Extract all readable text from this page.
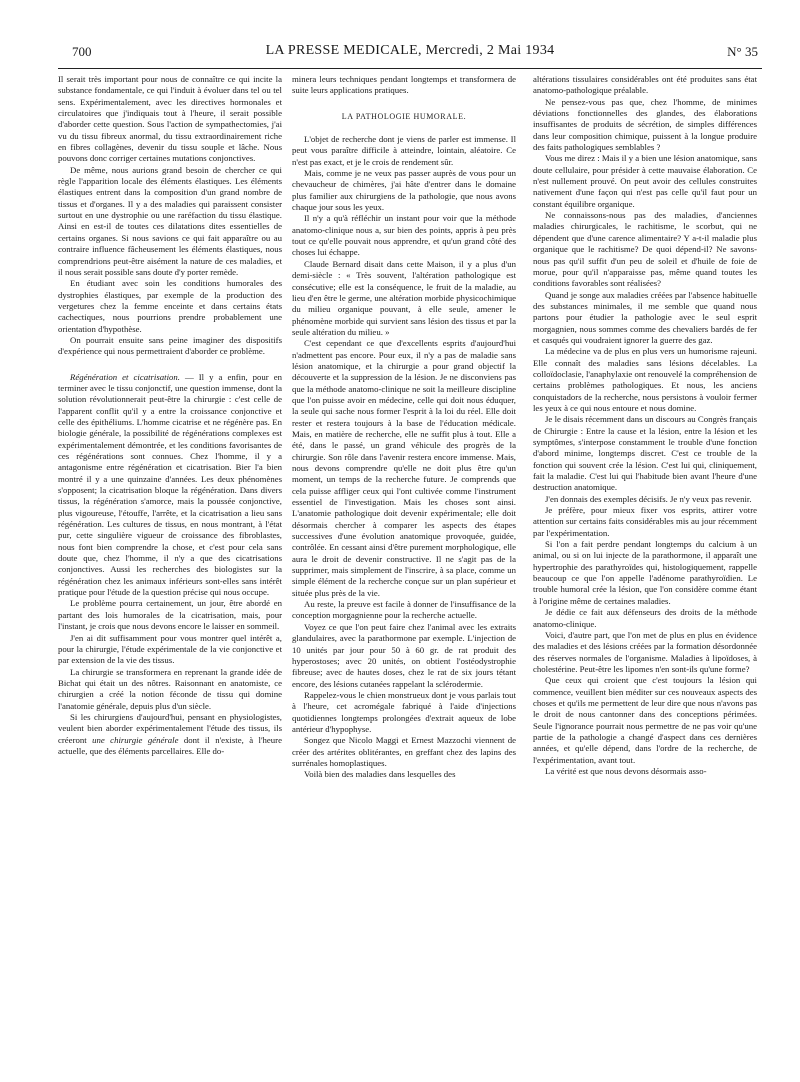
700	LA PRESSE MEDICALE, Mercredi, 2 Mai 1934	N° 35

Il serait très important pour nous de connaître ce qui incite la substance fondamentale, ce qui l'induit à évoluer dans tel ou tel sens. Expérimentalement, avec les directives hormonales et circulatoires que j'indiquais tout à l'heure, il serait possible d'aborder cette question. Sous l'action de sympathectomies, j'ai vu du tissu fibreux anormal, du tissu extraordinairement riche en fibres collagènes, devenir du tissu souple et lâche. Nous pouvons donc corriger certaines mutations conjonctives.

De même, nous aurions grand besoin de chercher ce qui règle l'apparition locale des éléments élastiques. Les éléments élastiques entrent dans la composition d'un grand nombre de tissus et d'organes. Il y a des maladies qui paraissent consister surtout en une dystrophie ou une raréfaction du tissu élastique. Ainsi en est-il de toutes ces dilatations dites essentielles de certains organes. Si nous savions ce qui fait apparaître ou au contraire influence fâcheusement les éléments élastiques, nous comprendrions peut-être aisément la nature de ces maladies, et il nous serait possible sans doute d'y porter remède.

En étudiant avec soin les conditions humorales des dystrophies élastiques, par exemple de la production des vergetures chez la femme enceinte et dans certains états cachectiques, nous pourrions prendre probablement une orientation d'hypothèse.

On pourrait ensuite sans peine imaginer des dispositifs d'expérience qui nous permettraient d'aborder ce problème.

Régénération et cicatrisation. — Il y a enfin, pour en terminer avec le tissu conjonctif, une question immense, dont la solution révolutionnerait peut-être la chirurgie : c'est celle de l'apparent conflit qu'il y a entre la croissance conjonctive et celle des épithéliums. L'homme cicatrise et ne régénère pas. En biologie générale, la possibilité de régénérations complexes est expérimentalement démontrée, et les conditions favorisantes de ces régénérations sont connues. Chez l'homme, il y a antagonisme entre régénération et cicatrisation. Bier l'a bien montré il y a une quinzaine d'années. Les deux phénomènes s'opposent; la cicatrisation bloque la régénération. Dans divers tissus, la régénération s'amorce, mais la poussée conjonctive, plus vigoureuse, l'étouffe, l'arrête, et la cicatrisation a lieu sans régénération. Les cultures de tissus, en nous montrant, à l'état pur, cette singulière vigueur de croissance des fibroblastes, nous font bien comprendre la chose, et c'est pour cela sans doute que, chez l'homme, il n'y a que des cicatrisations conjonctives. Aussi les recherches des biologistes sur la régénération chez les animaux inférieurs sont-elles sans intérêt pratique pour l'étude de la question précise qui nous occupe.

Le problème pourra certainement, un jour, être abordé en partant des lois humorales de la cicatrisation, mais, pour l'instant, je crois que nous devons encore le laisser en sommeil.

J'en ai dit suffisamment pour vous montrer quel intérêt a, pour la chirurgie, l'étude expérimentale de la vie conjonctive et par extension de la vie des tissus.

La chirurgie se transformera en reprenant la grande idée de Bichat qui était un des nôtres. Raisonnant en anatomiste, ce chirurgien a créé la notion féconde de tissu qui domine l'anatomie générale, depuis plus d'un siècle.

Si les chirurgiens d'aujourd'hui, pensant en physiologistes, veulent bien aborder expérimentalement l'étude des tissus, ils créeront une chirurgie générale dont il n'existe, à l'heure actuelle, que des éléments parcellaires. Elle do-

minera leurs techniques pendant longtemps et transformera de suite leurs applications pratiques.

LA PATHOLOGIE HUMORALE.

L'objet de recherche dont je viens de parler est immense. Il peut vous paraître difficile à atteindre, lointain, aléatoire. Ce n'est pas exact, et je le crois de rendement sûr.

Mais, comme je ne veux pas passer auprès de vous pour un chevaucheur de chimères, j'ai hâte d'entrer dans le domaine plus familier aux chirurgiens de la pathologie, que nous avons chaque jour sous les yeux.

Il n'y a qu'à réfléchir un instant pour voir que la méthode anatomo-clinique nous a, sur bien des points, appris à peu près tout ce qu'elle pouvait nous apprendre, et qu'un grand côté des choses lui échappe.

Claude Bernard disait dans cette Maison, il y a plus d'un demi-siècle : « Très souvent, l'altération pathologique est consécutive; elle est la conséquence, le fruit de la maladie, au lieu d'en être le germe, une altération morbide physicochimique du milieu organique pouvant, à elle seule, amener le phénomène morbide qui survient sans lésion des tissus et par la seule altération du milieu. »

C'est cependant ce que d'excellents esprits d'aujourd'hui n'admettent pas encore. Pour eux, il n'y a pas de maladie sans lésion anatomique, et la chirurgie a pour grand objectif la découverte et la suppression de la lésion. Je ne disconviens pas que la méthode anatomo-clinique ne soit la meilleure discipline que l'on puisse avoir en médecine, celle qui doit nous éduquer, la seule qui sache nous former l'esprit à la loi du réel. Elle doit rester et restera toujours à la base de l'éducation médicale. Mais, en matière de recherche, elle ne suffit plus à tout. Elle a été, dans le passé, un grand véhicule des progrès de la chirurgie. Son rôle dans l'avenir restera encore immense. Mais, nous devons comprendre qu'elle ne doit plus être qu'un moment, un temps de la recherche future. Je comprends que cela puisse affliger ceux qui l'ont cultivée comme l'instrument essentiel de l'investigation. Mais les choses sont ainsi. L'anatomie pathologique doit devenir expérimentale; elle doit désormais chercher à comparer les aspects des étapes successives d'une évolution anatomique provoquée, guidée, contrôlée. En cessant ainsi d'être purement morphologique, elle aura le droit de devenir constructive. Il ne s'agit pas de la supprimer, mais simplement de l'inscrire, à sa place, comme un simple élément de la recherche conçue sur un plan supérieur et située plus près de la vie.

Au reste, la preuve est facile à donner de l'insuffisance de la conception morgagnienne pour la recherche actuelle.

Voyez ce que l'on peut faire chez l'animal avec les extraits glandulaires, avec la parathormone par exemple. L'injection de 10 unités par jour pour 50 à 60 gr. de rat produit des hyperostoses; avec 20 unités, on obtient l'ostéodystrophie fibreuse; avec de hautes doses, chez le rat de six jours tétant encore, des lésions cutanées rappelant la sclérodermie.

Rappelez-vous le chien monstrueux dont je vous parlais tout à l'heure, cet acromégale fabriqué à l'aide d'injections quotidiennes longtemps prolongées d'extrait aqueux de lobe antérieur d'hypophyse.

Songez que Nicolo Maggi et Ernest Mazzochi viennent de créer des artérites oblitérantes, en greffant chez des lapins des surrénales homoplastiques.

Voilà bien des maladies dans lesquelles des

altérations tissulaires considérables ont été produites sans état anatomo-pathologique préalable.

Ne pensez-vous pas que, chez l'homme, de minimes déviations fonctionnelles des glandes, des élaborations insuffisantes de produits de sécrétion, de simples différences dans leur composition chimique, puissent à la longue produire des faits pathologiques semblables ?

Vous me direz : Mais il y a bien une lésion anatomique, sans doute cellulaire, pour présider à cette mauvaise élaboration. Ce n'est nullement prouvé. On peut avoir des cellules construites nativement d'une façon qui n'est pas celle qu'il faut pour un constant équilibre organique.

Ne connaissons-nous pas des maladies, d'anciennes maladies chirurgicales, le rachitisme, le scorbut, qui ne dépendent que d'une carence alimentaire? Y a-t-il maladie plus organique que le rachitisme? De quoi dépend-il? Ne savons-nous pas qu'il suffit d'un peu de soleil et d'huile de foie de morue, pour qu'il n'apparaisse pas, même quand toutes les conditions favorables sont réalisées?

Quand je songe aux maladies créées par l'absence habituelle des substances minimales, il me semble que quand nous partons pour étudier la pathologie avec le seul esprit morgagnien, nous sommes comme des chevaliers bardés de fer et casqués qui voudraient ignorer la guerre des gaz.

La médecine va de plus en plus vers un humorisme rajeuni. Elle connaît des maladies sans lésions décelables. La colloïdoclasie, l'anaphylaxie ont renouvelé la compréhension de certains problèmes pathologiques. Et nous, les anciens conquistadors de la recherche, nous persistons à vouloir fermer les yeux à ce qui nous entoure et nous domine.

Je le disais récemment dans un discours au Congrès français de Chirurgie : Entre la cause et la lésion, entre la lésion et les symptômes, s'interpose constamment le trouble d'une fonction d'abord minime, longtemps discret. C'est ce trouble de la fonction qui souvent crée la lésion. C'est lui qui, cliniquement, fait la maladie. C'est lui qui l'habitude bien avant l'heure d'une destruction anatomique.

J'en donnais des exemples décisifs. Je n'y veux pas revenir.

Je préfère, pour mieux fixer vos esprits, attirer votre attention sur certains faits considérables mis au jour récemment par l'expérimentation.

Si l'on a fait perdre pendant longtemps du calcium à un animal, ou si on lui injecte de la parathormone, il apparaît une hypertrophie des parathyroïdes qui, histologiquement, rappelle beaucoup ce que l'on appelle l'adénome parathyroïdien. Le trouble humoral crée la lésion, que l'on considère comme étant à l'origine même de certaines maladies.

Je dédie ce fait aux défenseurs des droits de la méthode anatomo-clinique.

Voici, d'autre part, que l'on met de plus en plus en évidence des maladies et des lésions créées par la formation désordonnée des réserves normales de l'organisme. Maladies à lipoïdoses, à cholestérine. Peut-être les lipomes n'en sont-ils qu'une forme?

Que ceux qui croient que c'est toujours la lésion qui commence, veuillent bien méditer sur ces nouveaux aspects des choses et qu'ils me permettent de leur dire que nous n'avons pas le droit de nous cantonner dans des conceptions périmées. Seule l'ignorance pourrait nous permettre de ne pas voir qu'une partie de la pathologie a changé d'aspect dans ces dernières années, et qu'elle dépend, dans l'ordre de la recherche, de l'expérimentation, avant tout.

La vérité est que nous devons désormais asso-
